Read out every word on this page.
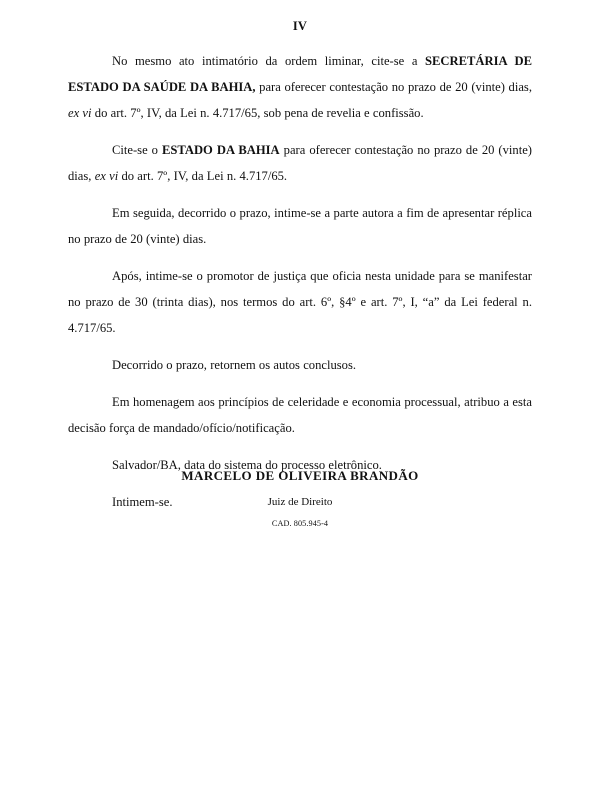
IV

No mesmo ato intimatório da ordem liminar, cite-se a SECRETÁRIA DE ESTADO DA SAÚDE DA BAHIA, para oferecer contestação no prazo de 20 (vinte) dias, ex vi do art. 7º, IV, da Lei n. 4.717/65, sob pena de revelia e confissão.

Cite-se o ESTADO DA BAHIA para oferecer contestação no prazo de 20 (vinte) dias, ex vi do art. 7º, IV, da Lei n. 4.717/65.

Em seguida, decorrido o prazo, intime-se a parte autora a fim de apresentar réplica no prazo de 20 (vinte) dias.

Após, intime-se o promotor de justiça que oficia nesta unidade para se manifestar no prazo de 30 (trinta dias), nos termos do art. 6º, §4º e art. 7º, I, “a” da Lei federal n. 4.717/65.

Decorrido o prazo, retornem os autos conclusos.

Em homenagem aos princípios de celeridade e economia processual, atribuo a esta decisão força de mandado/ofício/notificação.

Salvador/BA, data do sistema do processo eletrônico.

Intimem-se.

MARCELO DE OLIVEIRA BRANDÃO
Juiz de Direito
CAD. 805.945-4
